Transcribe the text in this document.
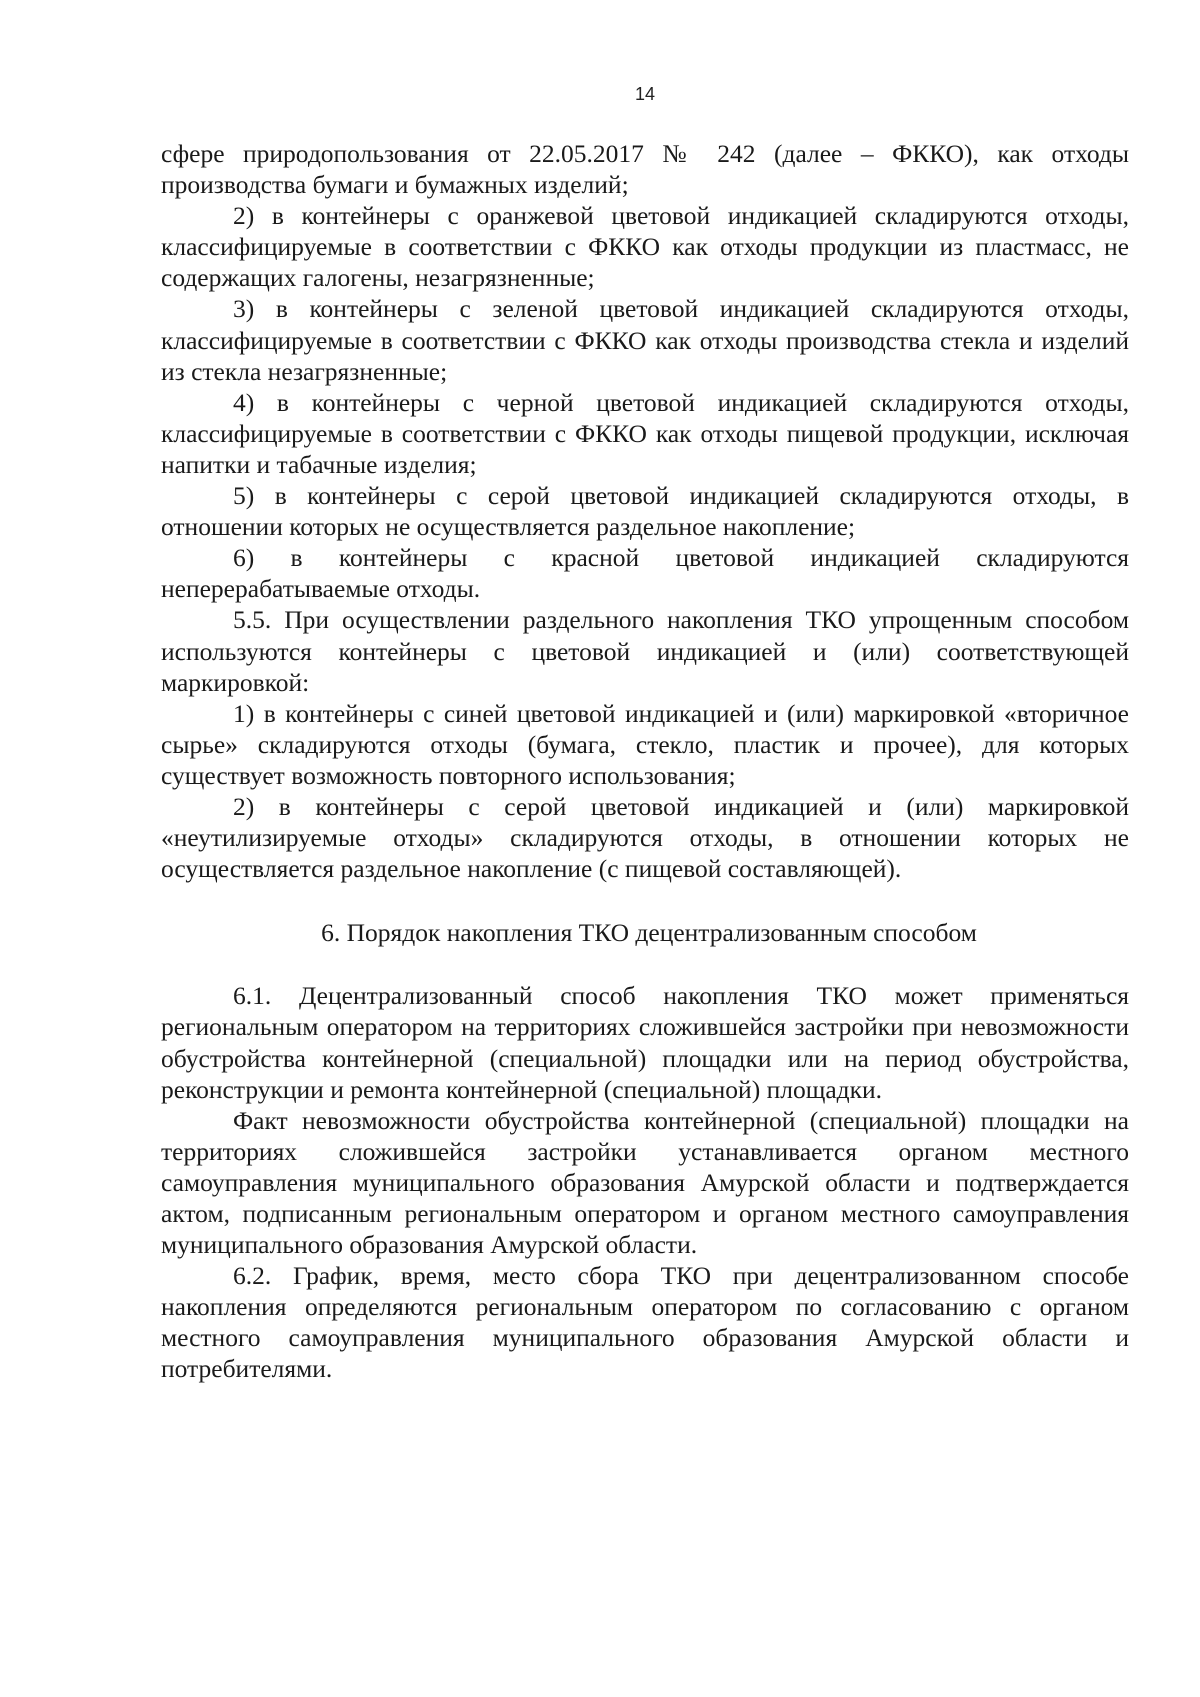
14

сфере природопользования от 22.05.2017 № 242 (далее – ФККО), как отходы производства бумаги и бумажных изделий;

2) в контейнеры с оранжевой цветовой индикацией складируются отходы, классифицируемые в соответствии с ФККО как отходы продукции из пластмасс, не содержащих галогены, незагрязненные;

3) в контейнеры с зеленой цветовой индикацией складируются отходы, классифицируемые в соответствии с ФККО как отходы производства стекла и изделий из стекла незагрязненные;

4) в контейнеры с черной цветовой индикацией складируются отходы, классифицируемые в соответствии с ФККО как отходы пищевой продукции, исключая напитки и табачные изделия;

5) в контейнеры с серой цветовой индикацией складируются отходы, в отношении которых не осуществляется раздельное накопление;

6) в контейнеры с красной цветовой индикацией складируются неперерабатываемые отходы.

5.5. При осуществлении раздельного накопления ТКО упрощенным способом используются контейнеры с цветовой индикацией и (или) соответствующей маркировкой:

1) в контейнеры с синей цветовой индикацией и (или) маркировкой «вторичное сырье» складируются отходы (бумага, стекло, пластик и прочее), для которых существует возможность повторного использования;

2) в контейнеры с серой цветовой индикацией и (или) маркировкой «неутилизируемые отходы» складируются отходы, в отношении которых не осуществляется раздельное накопление (с пищевой составляющей).

6. Порядок накопления ТКО децентрализованным способом

6.1. Децентрализованный способ накопления ТКО может применяться региональным оператором на территориях сложившейся застройки при невозможности обустройства контейнерной (специальной) площадки или на период обустройства, реконструкции и ремонта контейнерной (специальной) площадки.

Факт невозможности обустройства контейнерной (специальной) площадки на территориях сложившейся застройки устанавливается органом местного самоуправления муниципального образования Амурской области и подтверждается актом, подписанным региональным оператором и органом местного самоуправления муниципального образования Амурской области.

6.2. График, время, место сбора ТКО при децентрализованном способе накопления определяются региональным оператором по согласованию с органом местного самоуправления муниципального образования Амурской области и потребителями.
